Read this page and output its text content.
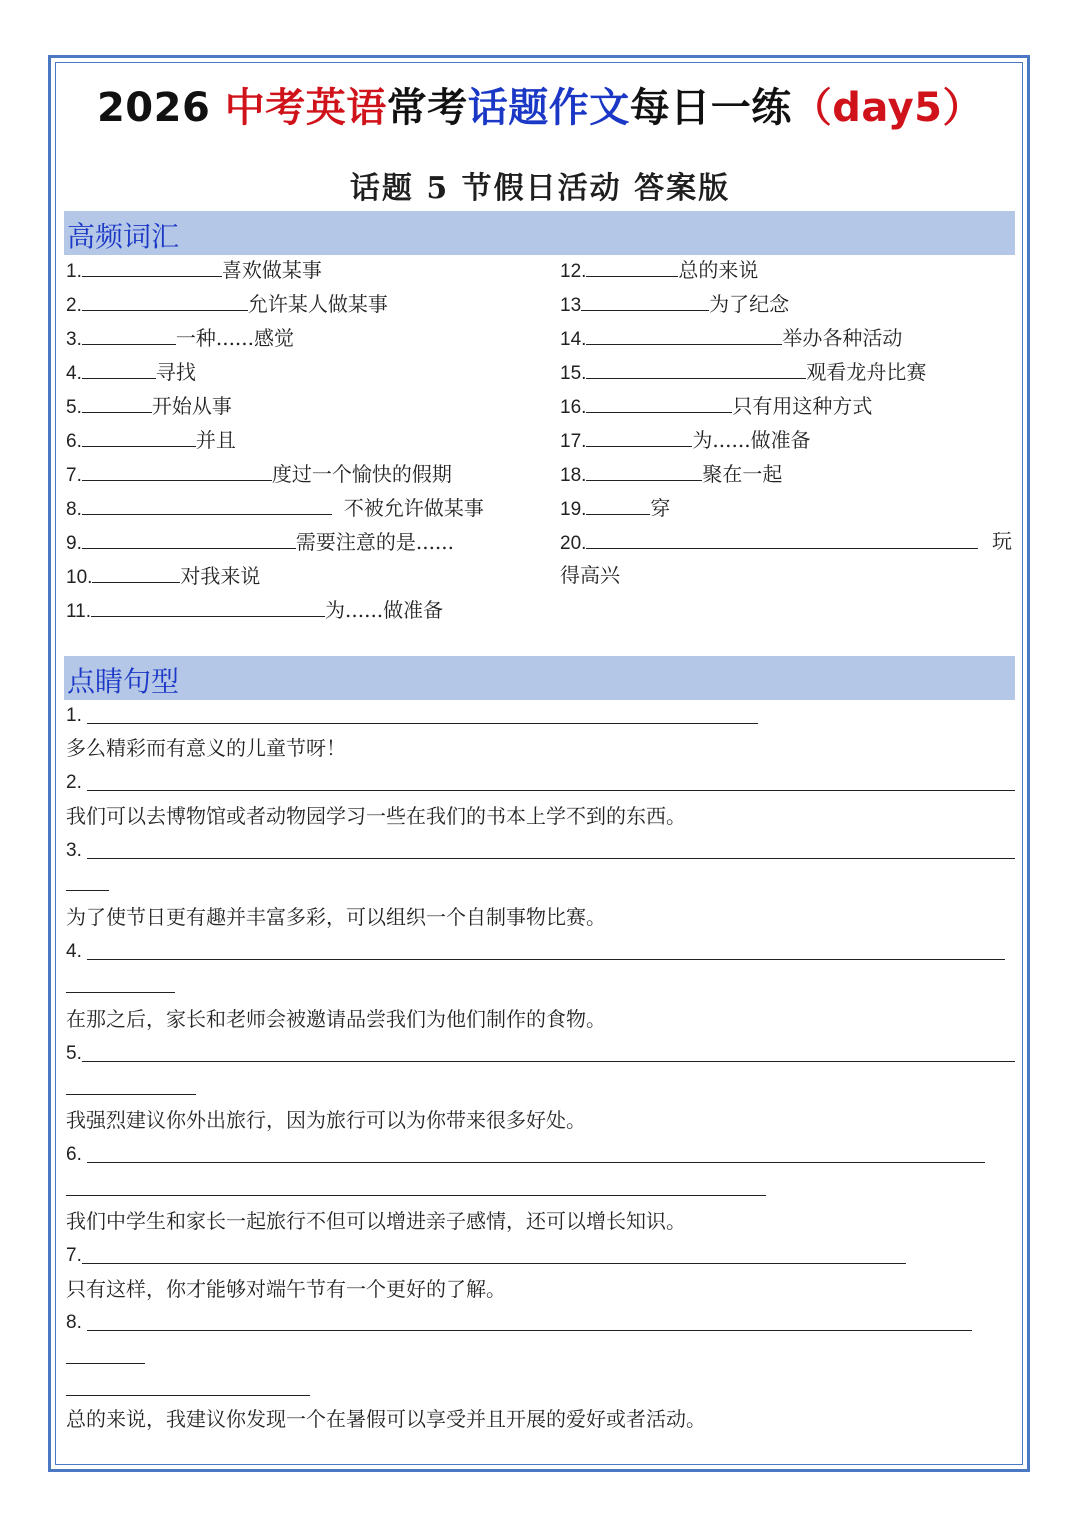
2026 中考英语常考话题作文每日一练（day5）
话题 5 节假日活动 答案版
高频词汇
1.	喜欢做某事
2.	允许某人做某事
3.	一种......感觉
4.	寻找
5.	开始从事
6.	并且
7.	度过一个愉快的假期
8.	不被允许做某事
9.	需要注意的是......
10.	对我来说
11.	为......做准备
12.	总的来说
13	为了纪念
14.	举办各种活动
15.	观看龙舟比赛
16.	只有用这种方式
17.	为......做准备
18.	聚在一起
19.	穿
20.	玩
得高兴
点睛句型
1.
多么精彩而有意义的儿童节呀！
2.
我们可以去博物馆或者动物园学习一些在我们的书本上学不到的东西。
3.
为了使节日更有趣并丰富多彩，可以组织一个自制事物比赛。
4.
在那之后，家长和老师会被邀请品尝我们为他们制作的食物。
5.
我强烈建议你外出旅行，因为旅行可以为你带来很多好处。
6.
我们中学生和家长一起旅行不但可以增进亲子感情，还可以增长知识。
7.
只有这样，你才能够对端午节有一个更好的了解。
8.
总的来说，我建议你发现一个在暑假可以享受并且开展的爱好或者活动。
